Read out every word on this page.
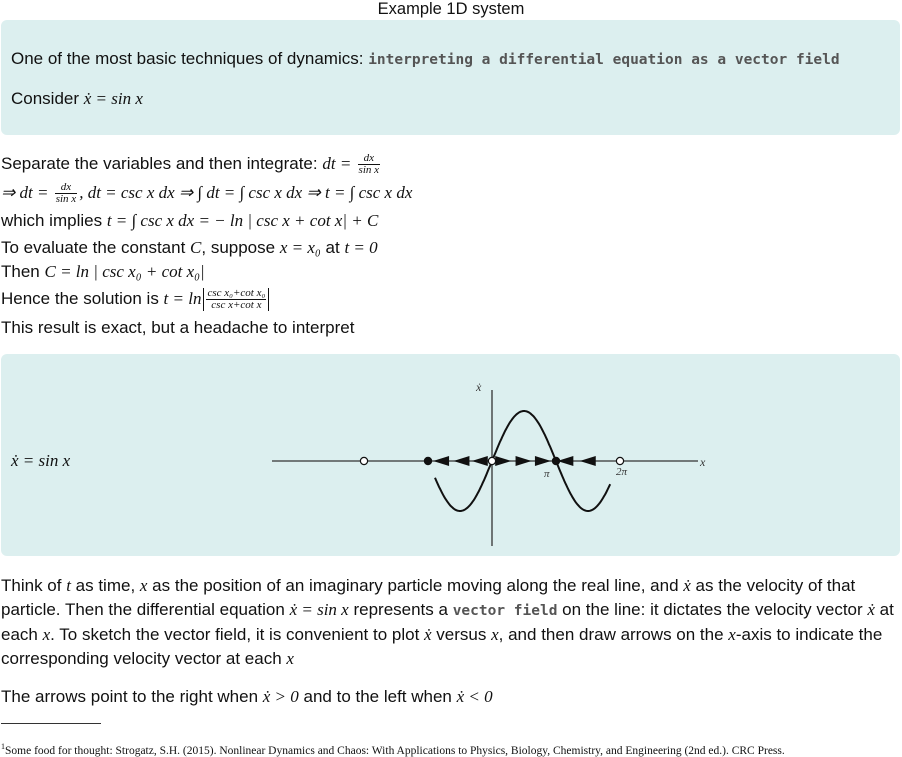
Example 1D system
One of the most basic techniques of dynamics: interpreting a differential equation as a vector field
Consider ẋ = sin x
Separate the variables and then integrate: dt = $\frac{dx}{\text{sin x}}$
⇒ dt = $\frac{dx}{\text{sin x}}$ , dt = csc x dx ⇒ ∫ dt = ∫ csc x dx ⇒ t = ∫ csc x dx
which implies t = ∫ csc x dx = − ln | csc x + cot x| + C
To evaluate the constant C, suppose x = x₀ at t = 0
Then C = ln | csc x₀ + cot x₀|
Hence the solution is $t = \ln \frac{\text{csc x₀+cot x₀}}{\text{csc x+cot x}}$
This result is exact, but a headache to interpret
ẋ = sin x
ẋ
x
π	2π
Think of t as time, x as the position of an imaginary particle moving along the real line, and ẋ as the velocity of that particle. Then the differential equation ẋ = sin x represents a vector field on the line: it dictates the velocity vector ẋ at each x. To sketch the vector field, it is convenient to plot ẋ versus x, and then draw arrows on the x-axis to indicate the corresponding velocity vector at each x
The arrows point to the right when ẋ > 0 and to the left when ẋ < 0
$^1$Some food for thought: Strogatz, S.H. (2015). Nonlinear Dynamics and Chaos: With Applications to Physics, Biology, Chemistry, and Engineering (2nd ed.). CRC Press.
